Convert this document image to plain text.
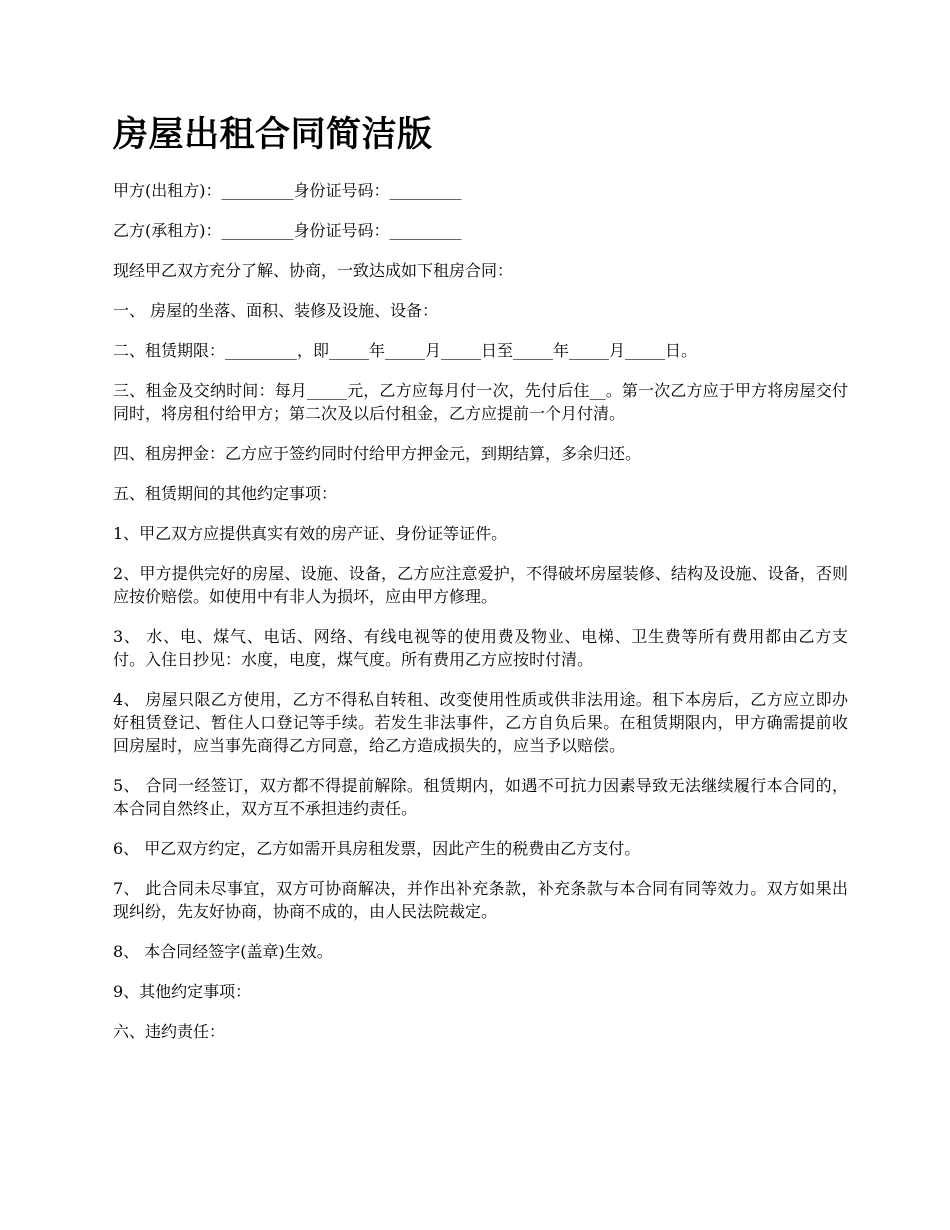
房屋出租合同简洁版

甲方(出租方)：_________身份证号码：_________

乙方(承租方)：_________身份证号码：_________

现经甲乙双方充分了解、协商，一致达成如下租房合同：

一、 房屋的坐落、面积、装修及设施、设备：

二、租赁期限：_________，即_____年_____月_____日至_____年_____月_____日。

三、租金及交纳时间：每月_____元，乙方应每月付一次，先付后住__。第一次乙方应于甲方将房屋交付同时，将房租付给甲方；第二次及以后付租金，乙方应提前一个月付清。

四、租房押金：乙方应于签约同时付给甲方押金元，到期结算，多余归还。

五、租赁期间的其他约定事项：

1、甲乙双方应提供真实有效的房产证、身份证等证件。

2、甲方提供完好的房屋、设施、设备，乙方应注意爱护，不得破坏房屋装修、结构及设施、设备，否则应按价赔偿。如使用中有非人为损坏，应由甲方修理。

3、 水、电、煤气、电话、网络、有线电视等的使用费及物业、电梯、卫生费等所有费用都由乙方支付。入住日抄见：水度，电度，煤气度。所有费用乙方应按时付清。

4、 房屋只限乙方使用，乙方不得私自转租、改变使用性质或供非法用途。租下本房后，乙方应立即办好租赁登记、暂住人口登记等手续。若发生非法事件，乙方自负后果。在租赁期限内，甲方确需提前收回房屋时，应当事先商得乙方同意，给乙方造成损失的，应当予以赔偿。

5、 合同一经签订，双方都不得提前解除。租赁期内，如遇不可抗力因素导致无法继续履行本合同的，本合同自然终止，双方互不承担违约责任。

6、 甲乙双方约定，乙方如需开具房租发票，因此产生的税费由乙方支付。

7、 此合同未尽事宜，双方可协商解决，并作出补充条款，补充条款与本合同有同等效力。双方如果出现纠纷，先友好协商，协商不成的，由人民法院裁定。

8、 本合同经签字(盖章)生效。

9、其他约定事项：

六、违约责任：
